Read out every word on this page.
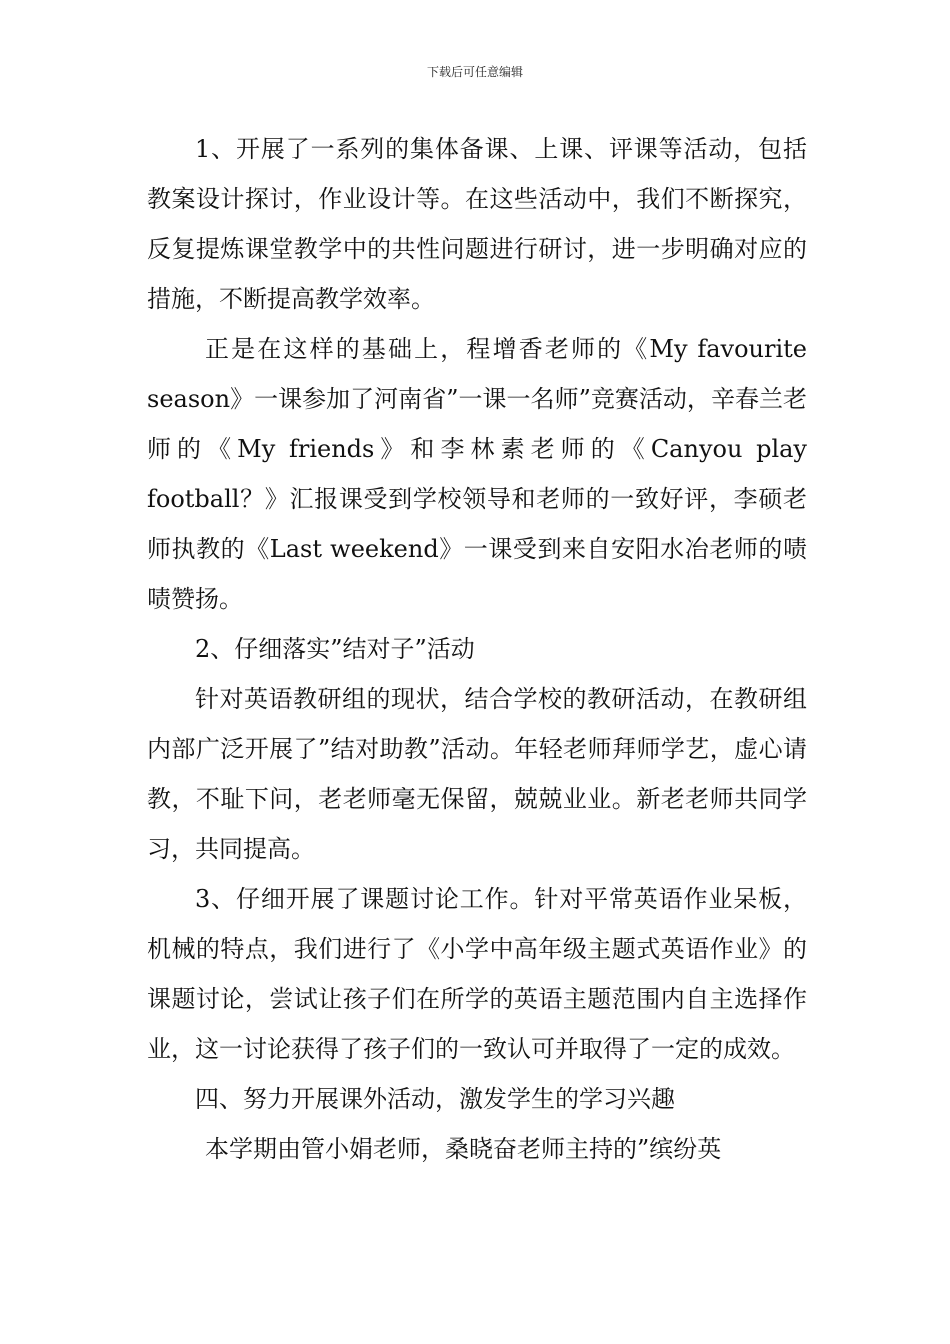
下载后可任意编辑

1、开展了一系列的集体备课、上课、评课等活动，包括教案设计探讨，作业设计等。在这些活动中，我们不断探究，反复提炼课堂教学中的共性问题进行研讨，进一步明确对应的措施，不断提高教学效率。

正是在这样的基础上，程增香老师的《My favourite season》一课参加了河南省”一课一名师”竞赛活动，辛春兰老师的《My friends》和李林素老师的《Canyou play football？》汇报课受到学校领导和老师的一致好评，李硕老师执教的《Last weekend》一课受到来自安阳水冶老师的啧啧赞扬。

2、仔细落实”结对子”活动

针对英语教研组的现状，结合学校的教研活动，在教研组内部广泛开展了”结对助教”活动。年轻老师拜师学艺，虚心请教，不耻下问，老老师毫无保留，兢兢业业。新老老师共同学习，共同提高。

3、仔细开展了课题讨论工作。针对平常英语作业呆板，机械的特点，我们进行了《小学中高年级主题式英语作业》的课题讨论，尝试让孩子们在所学的英语主题范围内自主选择作业，这一讨论获得了孩子们的一致认可并取得了一定的成效。

四、努力开展课外活动，激发学生的学习兴趣

本学期由管小娟老师，桑晓奋老师主持的”缤纷英
